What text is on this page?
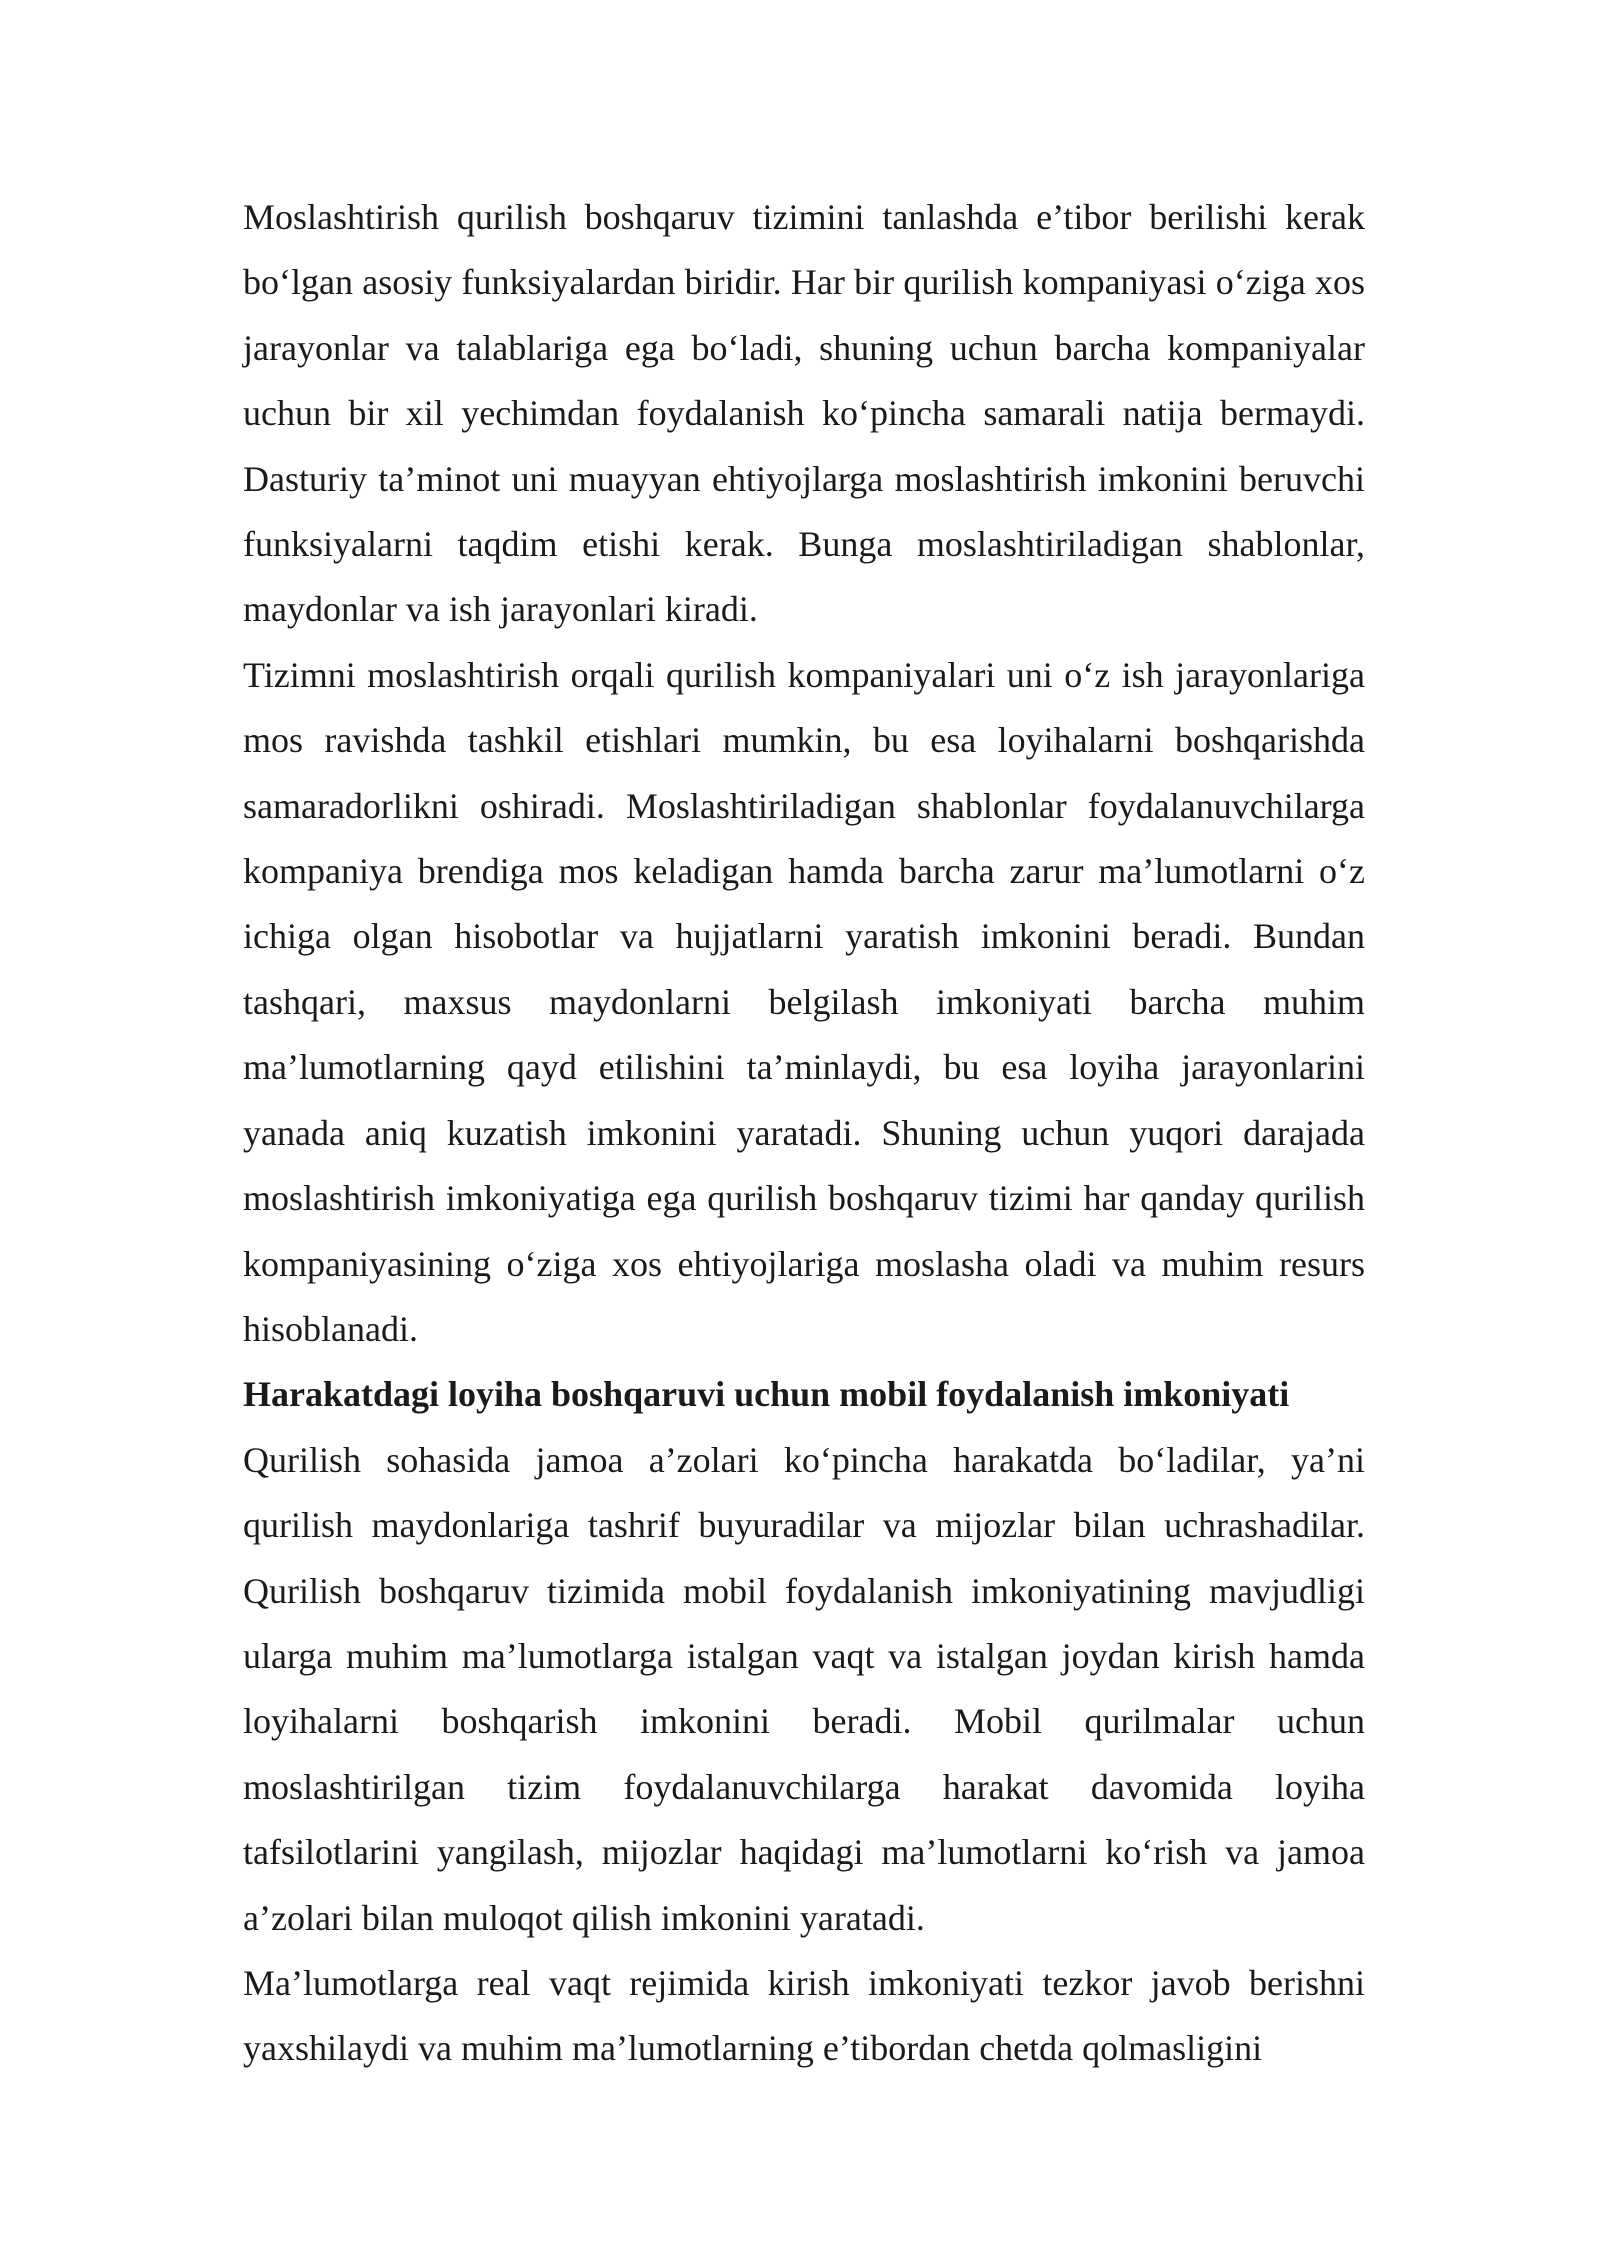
Moslashtirish qurilish boshqaruv tizimini tanlashda e’tibor berilishi kerak bo‘lgan asosiy funksiyalardan biridir. Har bir qurilish kompaniyasi o‘ziga xos jarayonlar va talablariga ega bo‘ladi, shuning uchun barcha kompaniyalar uchun bir xil yechimdan foydalanish ko‘pincha samarali natija bermaydi. Dasturiy ta’minot uni muayyan ehtiyojlarga moslashtirish imkonini beruvchi funksiyalarni taqdim etishi kerak. Bunga moslashtiriladigan shablonlar, maydonlar va ish jarayonlari kiradi.

Tizimni moslashtirish orqali qurilish kompaniyalari uni o‘z ish jarayonlariga mos ravishda tashkil etishlari mumkin, bu esa loyihalarni boshqarishda samaradorlikni oshiradi. Moslashtiriladigan shablonlar foydalanuvchilarga kompaniya brendiga mos keladigan hamda barcha zarur ma’lumotlarni o‘z ichiga olgan hisobotlar va hujjatlarni yaratish imkonini beradi. Bundan tashqari, maxsus maydonlarni belgilash imkoniyati barcha muhim ma’lumotlarning qayd etilishini ta’minlaydi, bu esa loyiha jarayonlarini yanada aniq kuzatish imkonini yaratadi. Shuning uchun yuqori darajada moslashtirish imkoniyatiga ega qurilish boshqaruv tizimi har qanday qurilish kompaniyasining o‘ziga xos ehtiyojlariga moslasha oladi va muhim resurs hisoblanadi.

Harakatdagi loyiha boshqaruvi uchun mobil foydalanish imkoniyati

Qurilish sohasida jamoa a’zolari ko‘pincha harakatda bo‘ladilar, ya’ni qurilish maydonlariga tashrif buyuradilar va mijozlar bilan uchrashadilar. Qurilish boshqaruv tizimida mobil foydalanish imkoniyatining mavjudligi ularga muhim ma’lumotlarga istalgan vaqt va istalgan joydan kirish hamda loyihalarni boshqarish imkonini beradi. Mobil qurilmalar uchun moslashtirilgan tizim foydalanuvchilarga harakat davomida loyiha tafsilotlarini yangilash, mijozlar haqidagi ma’lumotlarni ko‘rish va jamoa a’zolari bilan muloqot qilish imkonini yaratadi.

Ma’lumotlarga real vaqt rejimida kirish imkoniyati tezkor javob berishni yaxshilaydi va muhim ma’lumotlarning e’tibordan chetda qolmasligini
